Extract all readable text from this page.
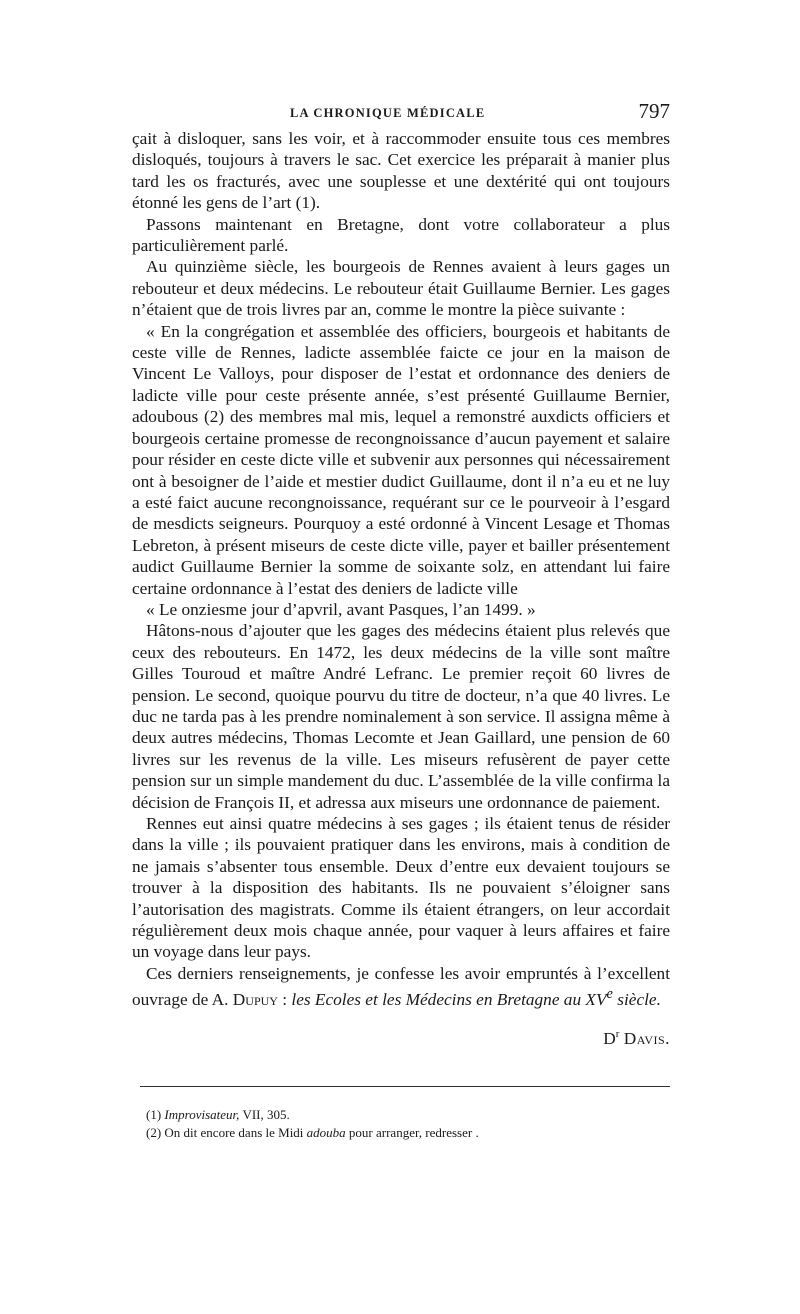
LA CHRONIQUE MÉDICALE	797

çait à disloquer, sans les voir, et à raccommoder ensuite tous ces membres disloqués, toujours à travers le sac. Cet exercice les préparait à manier plus tard les os fracturés, avec une souplesse et une dextérité qui ont toujours étonné les gens de l’art (1).

Passons maintenant en Bretagne, dont votre collaborateur a plus particulièrement parlé.

Au quinzième siècle, les bourgeois de Rennes avaient à leurs gages un rebouteur et deux médecins. Le rebouteur était Guillaume Bernier. Les gages n’étaient que de trois livres par an, comme le montre la pièce suivante :

« En la congrégation et assemblée des officiers, bourgeois et habitants de ceste ville de Rennes, ladicte assemblée faicte ce jour en la maison de Vincent Le Valloys, pour disposer de l’estat et ordonnance des deniers de ladicte ville pour ceste présente année, s’est présenté Guillaume Bernier, adoubous (2) des membres mal mis, lequel a remonstré auxdicts officiers et bourgeois certaine promesse de recongnoissance d’aucun payement et salaire pour résider en ceste dicte ville et subvenir aux personnes qui nécessairement ont à besoigner de l’aide et mestier dudict Guillaume, dont il n’a eu et ne luy a esté faict aucune recongnoissance, requérant sur ce le pourveoir à l’esgard de mesdicts seigneurs. Pourquoy a esté ordonné à Vincent Lesage et Thomas Lebreton, à présent miseurs de ceste dicte ville, payer et bailler présentement audict Guillaume Bernier la somme de soixante solz, en attendant lui faire certaine ordonnance à l’estat des deniers de ladicte ville

« Le onziesme jour d’apvril, avant Pasques, l’an 1499. »

Hâtons-nous d’ajouter que les gages des médecins étaient plus relevés que ceux des rebouteurs. En 1472, les deux médecins de la ville sont maître Gilles Touroud et maître André Lefranc. Le premier reçoit 60 livres de pension. Le second, quoique pourvu du titre de docteur, n’a que 40 livres. Le duc ne tarda pas à les prendre nominalement à son service. Il assigna même à deux autres médecins, Thomas Lecomte et Jean Gaillard, une pension de 60 livres sur les revenus de la ville. Les miseurs refusèrent de payer cette pension sur un simple mandement du duc. L’assemblée de la ville confirma la décision de François II, et adressa aux miseurs une ordonnance de paiement.

Rennes eut ainsi quatre médecins à ses gages ; ils étaient tenus de résider dans la ville ; ils pouvaient pratiquer dans les environs, mais à condition de ne jamais s’absenter tous ensemble. Deux d’entre eux devaient toujours se trouver à la disposition des habitants. Ils ne pouvaient s’éloigner sans l’autorisation des magistrats. Comme ils étaient étrangers, on leur accordait régulièrement deux mois chaque année, pour vaquer à leurs affaires et faire un voyage dans leur pays.

Ces derniers renseignements, je confesse les avoir empruntés à l’excellent ouvrage de A. Dupuy : les Ecoles et les Médecins en Bretagne au XVe siècle.

$D^r$ Davis.

(1) Improvisateur, VII, 305.

(2) On dit encore dans le Midi adouba pour arranger, redresser .
